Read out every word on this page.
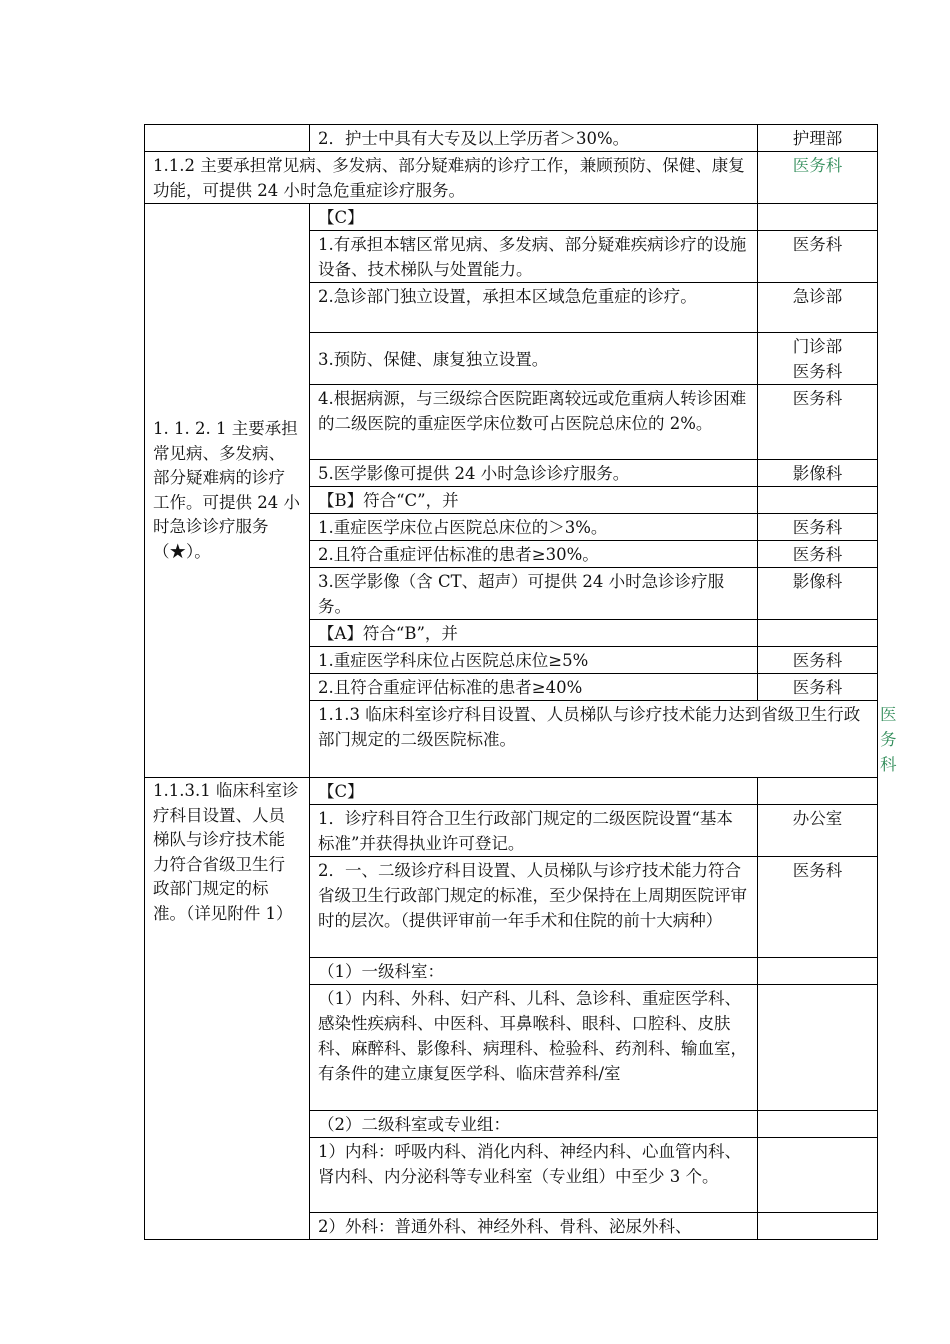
	2．护士中具有大专及以上学历者＞30%。	护理部	
1.1.2 主要承担常见病、多发病、部分疑难病的诊疗工作，兼顾预防、保健、康复功能，可提供 24 小时急危重症诊疗服务。		医务科	

1. 1. 2. 1 主要承担常见病、多发病、部分疑难病的诊疗工作。可提供 24 小时急诊诊疗服务（★）。	【C】		
	1.有承担本辖区常见病、多发病、部分疑难疾病诊疗的设施设备、技术梯队与处置能力。	医务科	
	2.急诊部门独立设置，承担本区域急危重症的诊疗。	急诊部	
	3.预防、保健、康复独立设置。	门诊部 医务科	
	4.根据病源，与三级综合医院距离较远或危重病人转诊困难的二级医院的重症医学床位数可占医院总床位的 2%。	医务科	
	5.医学影像可提供 24 小时急诊诊疗服务。	影像科	
	【B】符合“C”，并		
	1.重症医学床位占医院总床位的＞3%。	医务科	
	2.且符合重症评估标准的患者≥30%。	医务科	
	3.医学影像（含 CT、超声）可提供 24 小时急诊诊疗服务。	影像科	
	【A】符合“B”，并		
	1.重症医学科床位占医院总床位≥5%	医务科	
	2.且符合重症评估标准的患者≥40%	医务科	
	1.1.3 临床科室诊疗科目设置、人员梯队与诊疗技术能力达到省级卫生行政部门规定的二级医院标准。		医务科

1.1.3.1 临床科室诊疗科目设置、人员梯队与诊疗技术能力符合省级卫生行政部门规定的标准。（详见附件 1）	【C】		
	1．诊疗科目符合卫生行政部门规定的二级医院设置“基本标准”并获得执业许可登记。	办公室	
	2．一、二级诊疗科目设置、人员梯队与诊疗技术能力符合省级卫生行政部门规定的标准，至少保持在上周期医院评审时的层次。（提供评审前一年手术和住院的前十大病种）	医务科	
	（1）一级科室：		
	（1）内科、外科、妇产科、儿科、急诊科、重症医学科、感染性疾病科、中医科、耳鼻喉科、眼科、口腔科、皮肤科、麻醉科、影像科、病理科、检验科、药剂科、输血室，有条件的建立康复医学科、临床营养科/室		
	（2）二级科室或专业组：		
	1）内科：呼吸内科、消化内科、神经内科、心血管内科、肾内科、内分泌科等专业科室（专业组）中至少 3 个。		
	2）外科：普通外科、神经外科、骨科、泌尿外科、		
